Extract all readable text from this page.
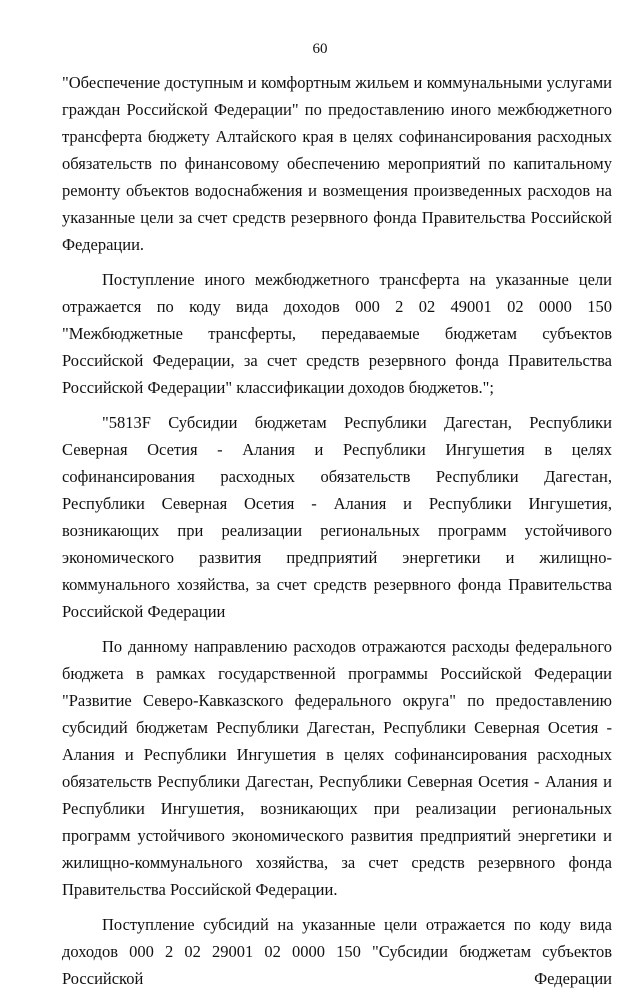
60

"Обеспечение доступным и комфортным жильем и коммунальными услугами граждан Российской Федерации" по предоставлению иного межбюджетного трансферта бюджету Алтайского края в целях софинансирования расходных обязательств по финансовому обеспечению мероприятий по капитальному ремонту объектов водоснабжения и возмещения произведенных расходов на указанные цели за счет средств резервного фонда Правительства Российской Федерации.

Поступление иного межбюджетного трансферта на указанные цели отражается по коду вида доходов 000 2 02 49001 02 0000 150 "Межбюджетные трансферты, передаваемые бюджетам субъектов Российской Федерации, за счет средств резервного фонда Правительства Российской Федерации" классификации доходов бюджетов.";

"5813F Субсидии бюджетам Республики Дагестан, Республики Северная Осетия - Алания и Республики Ингушетия в целях софинансирования расходных обязательств Республики Дагестан, Республики Северная Осетия - Алания и Республики Ингушетия, возникающих при реализации региональных программ устойчивого экономического развития предприятий энергетики и жилищно-коммунального хозяйства, за счет средств резервного фонда Правительства Российской Федерации

По данному направлению расходов отражаются расходы федерального бюджета в рамках государственной программы Российской Федерации "Развитие Северо-Кавказского федерального округа" по предоставлению субсидий бюджетам Республики Дагестан, Республики Северная Осетия - Алания и Республики Ингушетия в целях софинансирования расходных обязательств Республики Дагестан, Республики Северная Осетия - Алания и Республики Ингушетия, возникающих при реализации региональных программ устойчивого экономического развития предприятий энергетики и жилищно-коммунального хозяйства, за счет средств резервного фонда Правительства Российской Федерации.

Поступление субсидий на указанные цели отражается по коду вида доходов 000 2 02 29001 02 0000 150 "Субсидии бюджетам субъектов Российской Федерации
